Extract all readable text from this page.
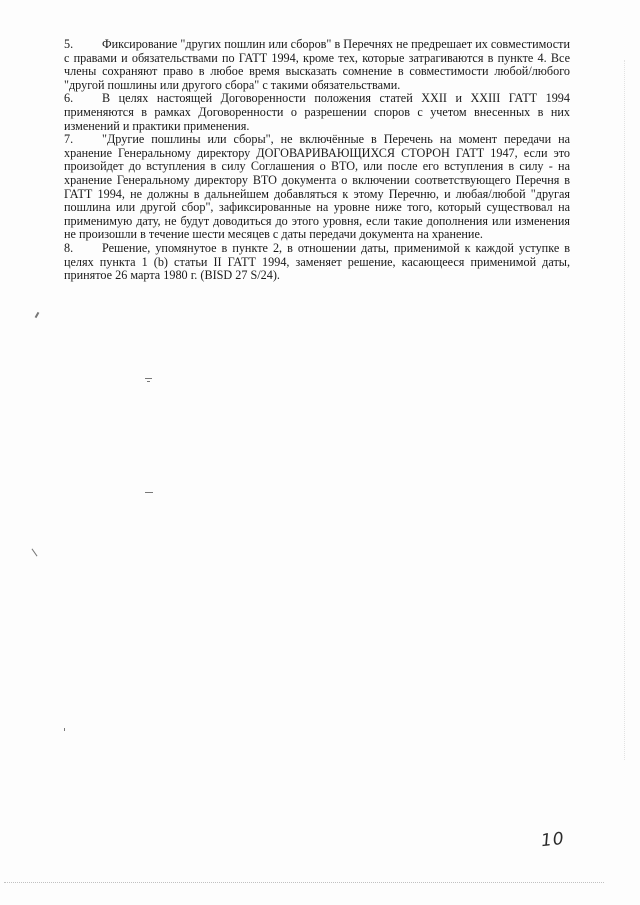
5. Фиксирование "других пошлин или сборов" в Перечнях не предрешает их совместимости с правами и обязательствами по ГАТТ 1994, кроме тех, которые затрагиваются в пункте 4. Все члены сохраняют право в любое время высказать сомнение в совместимости любой/любого "другой пошлины или другого сбора" с такими обязательствами.

6. В целях настоящей Договоренности положения статей XXII и XXIII ГАТТ 1994 применяются в рамках Договоренности о разрешении споров с учетом внесенных в них изменений и практики применения.

7. "Другие пошлины или сборы", не включённые в Перечень на момент передачи на хранение Генеральному директору ДОГОВАРИВАЮЩИХСЯ СТОРОН ГАТТ 1947, если это произойдет до вступления в силу Соглашения о ВТО, или после его вступления в силу - на хранение Генеральному директору ВТО документа о включении соответствующего Перечня в ГАТТ 1994, не должны в дальнейшем добавляться к этому Перечню, и любая/любой "другая пошлина или другой сбор", зафиксированные на уровне ниже того, который существовал на применимую дату, не будут доводиться до этого уровня, если такие дополнения или изменения не произошли в течение шести месяцев с даты передачи документа на хранение.

8. Решение, упомянутое в пункте 2, в отношении даты, применимой к каждой уступке в целях пункта 1 (b) статьи II ГАТТ 1994, заменяет решение, касающееся применимой даты, принятое 26 марта 1980 г. (BISD 27 S/24).

10
